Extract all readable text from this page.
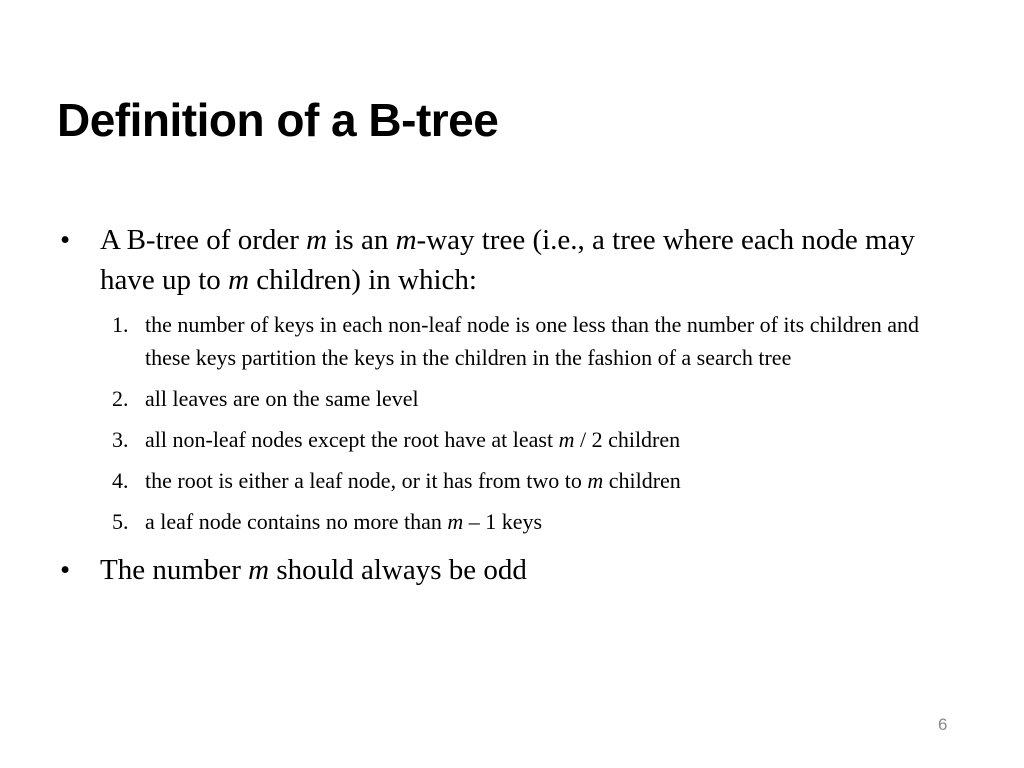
Definition of a B-tree

•	A B-tree of order m is an m-way tree (i.e., a tree where each node may have up to m children) in which:

1. the number of keys in each non-leaf node is one less than the number of its children and these keys partition the keys in the children in the fashion of a search tree
2. all leaves are on the same level
3. all non-leaf nodes except the root have at least m / 2 children
4. the root is either a leaf node, or it has from two to m children
5. a leaf node contains no more than m – 1 keys

•	The number m should always be odd

6
